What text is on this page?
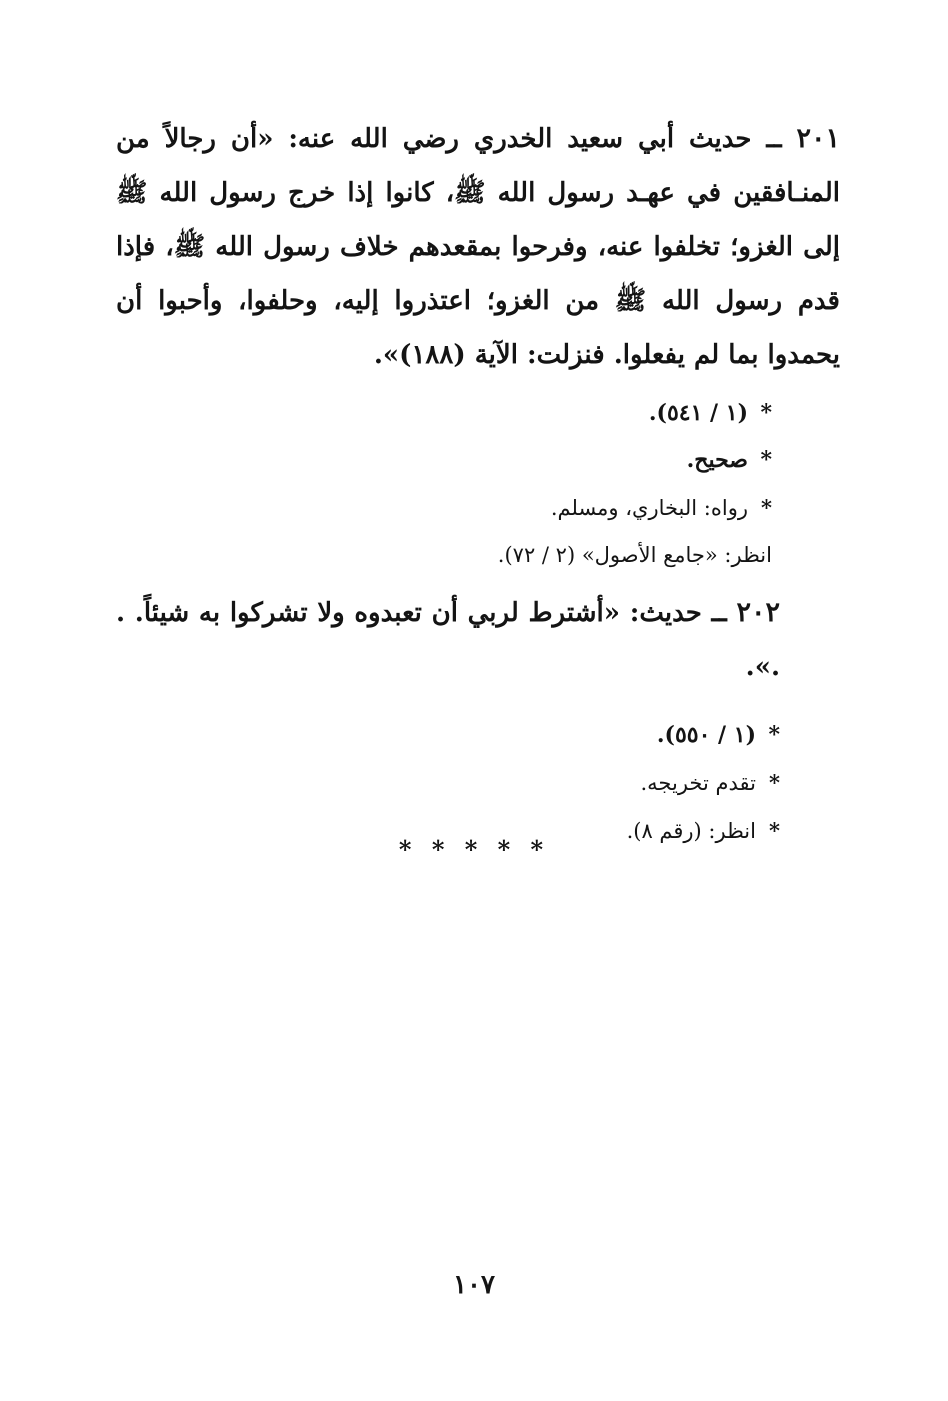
٢٠١ ــ حديث أبي سعيد الخدري رضي الله عنه: «أن رجالاً من المنـافقين في عهـد رسول الله ﷺ، كانوا إذا خرج رسول الله ﷺ إلى الغزو؛ تخلفوا عنه، وفرحوا بمقعدهم خلاف رسول الله ﷺ، فإذا قدم رسول الله ﷺ من الغزو؛ اعتذروا إليه، وحلفوا، وأحبوا أن يحمدوا بما لم يفعلوا. فنزلت: الآية (١٨٨)».

*(١ / ٥٤١).
*صحيح.
*رواه: البخاري، ومسلم.
انظر: «جامع الأصول» (٢ / ٧٢).

٢٠٢ ــ حديث: «أشترط لربي أن تعبدوه ولا تشركوا به شيئاً. . .».

*(١ / ٥٥٠).
*تقدم تخريجه.
*انظر: (رقم ٨).
* * * * *
١٠٧
